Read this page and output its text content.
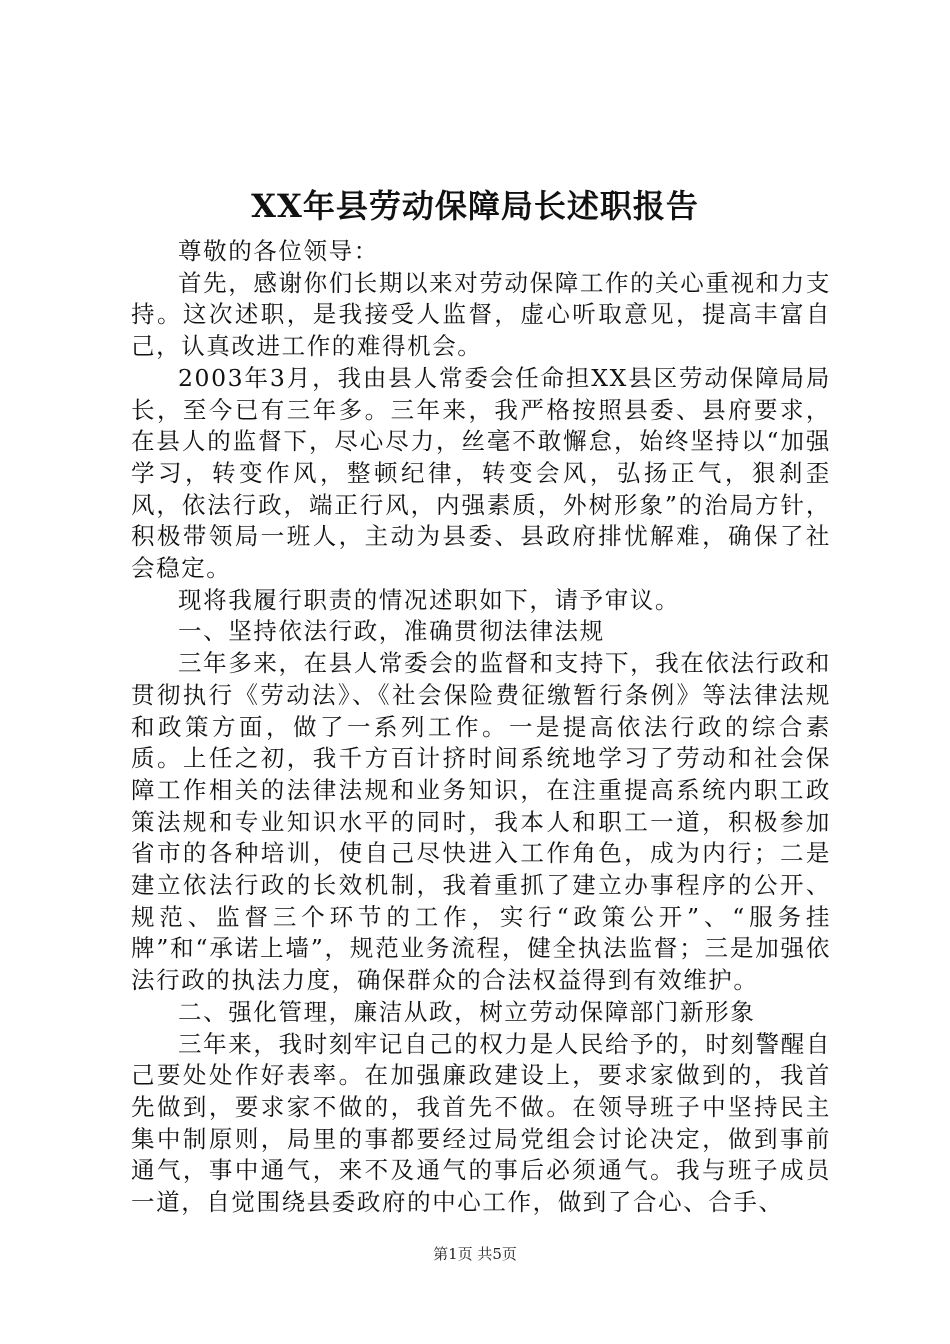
XX年县劳动保障局长述职报告

尊敬的各位领导：

首先，感谢你们长期以来对劳动保障工作的关心重视和力支持。这次述职，是我接受人监督，虚心听取意见，提高丰富自己，认真改进工作的难得机会。

2003年3月，我由县人常委会任命担XX县区劳动保障局局长，至今已有三年多。三年来，我严格按照县委、县府要求，在县人的监督下，尽心尽力，丝毫不敢懈怠，始终坚持以“加强学习，转变作风，整顿纪律，转变会风，弘扬正气，狠刹歪风，依法行政，端正行风，内强素质，外树形象”的治局方针，积极带领局一班人，主动为县委、县政府排忧解难，确保了社会稳定。

现将我履行职责的情况述职如下，请予审议。

一、坚持依法行政，准确贯彻法律法规

三年多来，在县人常委会的监督和支持下，我在依法行政和贯彻执行《劳动法》、《社会保险费征缴暂行条例》等法律法规和政策方面，做了一系列工作。一是提高依法行政的综合素质。上任之初，我千方百计挤时间系统地学习了劳动和社会保障工作相关的法律法规和业务知识，在注重提高系统内职工政策法规和专业知识水平的同时，我本人和职工一道，积极参加省市的各种培训，使自己尽快进入工作角色，成为内行；二是建立依法行政的长效机制，我着重抓了建立办事程序的公开、规范、监督三个环节的工作，实行“政策公开”、“服务挂牌”和“承诺上墙”，规范业务流程，健全执法监督；三是加强依法行政的执法力度，确保群众的合法权益得到有效维护。

二、强化管理，廉洁从政，树立劳动保障部门新形象

三年来，我时刻牢记自己的权力是人民给予的，时刻警醒自己要处处作好表率。在加强廉政建设上，要求家做到的，我首先做到，要求家不做的，我首先不做。在领导班子中坚持民主集中制原则，局里的事都要经过局党组会讨论决定，做到事前通气，事中通气，来不及通气的事后必须通气。我与班子成员一道，自觉围绕县委政府的中心工作，做到了合心、合手、

第1页 共5页
